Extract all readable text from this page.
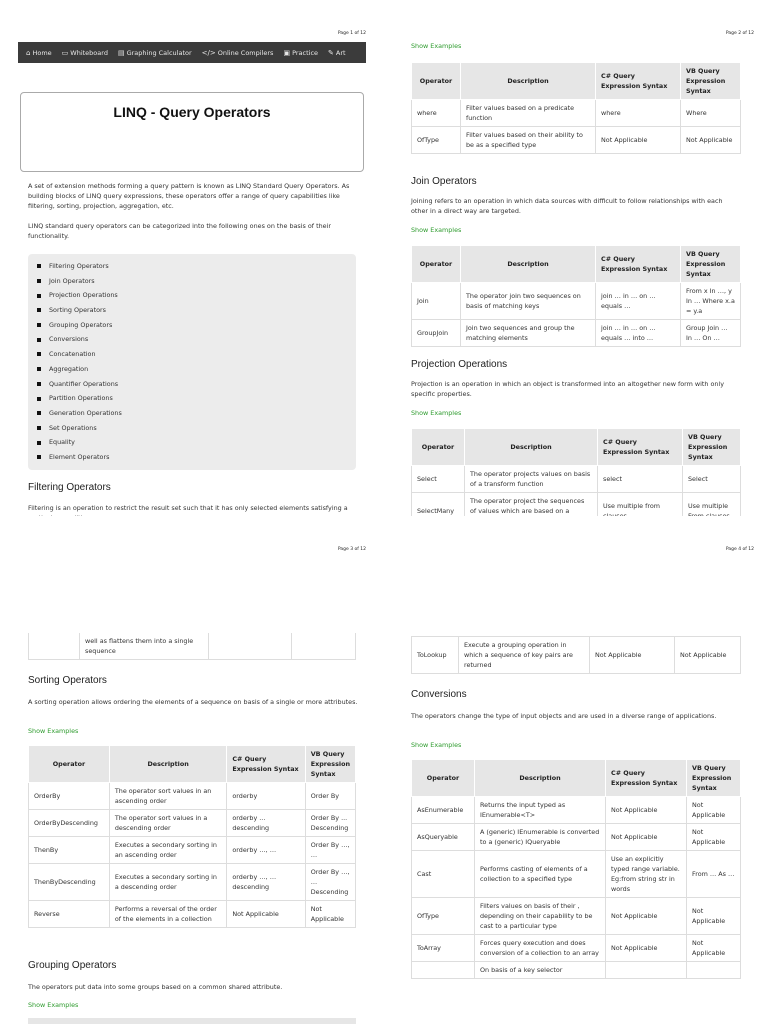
Page 1 of 12
⌂ Home ▭ Whiteboard ▤ Graphing Calculator </> Online Compilers ▣ Practice ✎ Art
LINQ - Query Operators
A set of extension methods forming a query pattern is known as LINQ Standard Query Operators. As building blocks of LINQ query expressions, these operators offer a range of query capabilities like filtering, sorting, projection, aggregation, etc.
LINQ standard query operators can be categorized into the following ones on the basis of their functionality.
Filtering Operators
Join Operators
Projection Operations
Sorting Operators
Grouping Operators
Conversions
Concatenation
Aggregation
Quantifier Operations
Partition Operations
Generation Operations
Set Operations
Equality
Element Operators
Filtering Operators
Filtering is an operation to restrict the result set such that it has only selected elements satisfying a
Page 2 of 12
Show Examples
Operator	Description	C# Query Expression Syntax	VB Query Expression Syntax
where	Filter values based on a predicate function	where	Where
OfType	Filter values based on their ability to be as a specified type	Not Applicable	Not Applicable
Join Operators
Joining refers to an operation in which data sources with difficult to follow relationships with each other in a direct way are targeted.
Show Examples
Operator	Description	C# Query Expression Syntax	VB Query Expression Syntax
Join	The operator join two sequences on basis of matching keys	join … in … on … equals …	From x In …, y In … Where x.a = y.a
GroupJoin	Join two sequences and group the matching elements	join … in … on … equals … into …	Group Join … In … On …
Projection Operations
Projection is an operation in which an object is transformed into an altogether new form with only specific properties.
Show Examples
Operator	Description	C# Query Expression Syntax	VB Query Expression Syntax
Select	The operator projects values on basis of a transform function	select	Select
SelectMany	The operator project the sequences of values which are based on a	Use multiple from	Use multiple
Page 3 of 12
	well as flattens them into a single sequence		
Sorting Operators
A sorting operation allows ordering the elements of a sequence on basis of a single or more attributes.
Show Examples
Operator	Description	C# Query Expression Syntax	VB Query Expression Syntax
OrderBy	The operator sort values in an ascending order	orderby	Order By
OrderByDescending	The operator sort values in a descending order	orderby ... descending	Order By ... Descending
ThenBy	Executes a secondary sorting in an ascending order	orderby …, …	Order By …, …
ThenByDescending	Executes a secondary sorting in a descending order	orderby …, … descending	Order By …, … Descending
Reverse	Performs a reversal of the order of the elements in a collection	Not Applicable	Not Applicable
Grouping Operators
The operators put data into some groups based on a common shared attribute.
Show Examples
Page 4 of 12
ToLookup	Execute a grouping operation in which a sequence of key pairs are returned	Not Applicable	Not Applicable
Conversions
The operators change the type of input objects and are used in a diverse range of applications.
Show Examples
Operator	Description	C# Query Expression Syntax	VB Query Expression Syntax
AsEnumerable	Returns the input typed as IEnumerable<T>	Not Applicable	Not Applicable
AsQueryable	A (generic) IEnumerable is converted to a (generic) IQueryable	Not Applicable	Not Applicable
Cast	Performs casting of elements of a collection to a specified type	Use an explicitly typed range variable. Eg:from string str in words	From … As …
OfType	Filters values on basis of their , depending on their capability to be cast to a particular type	Not Applicable	Not Applicable
ToArray	Forces query execution and does conversion of a collection to an array	Not Applicable	Not Applicable
	On basis of a key selector		
